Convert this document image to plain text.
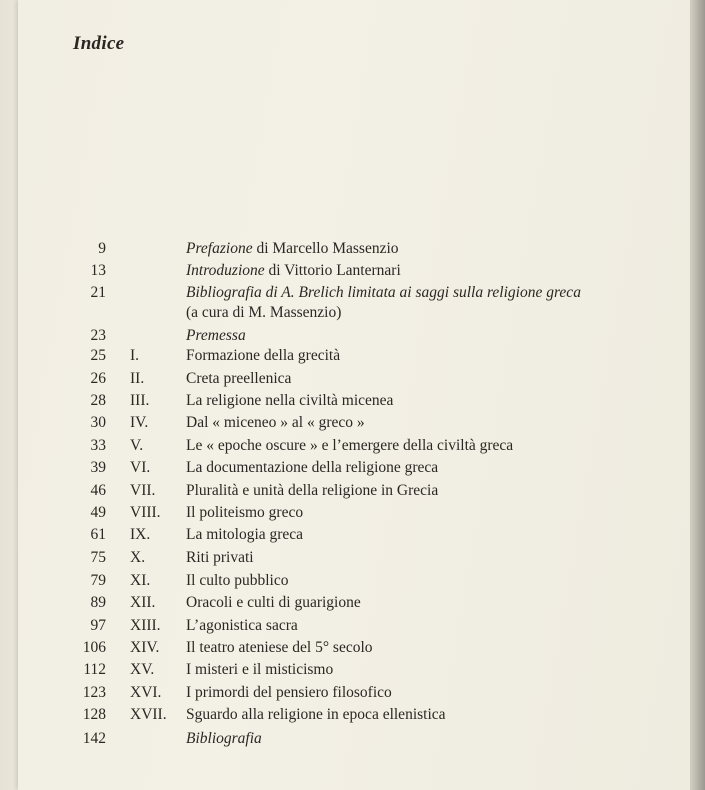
Indice
9	Prefazione di Marcello Massenzio
13	Introduzione di Vittorio Lanternari
21	Bibliografia di A. Brelich limitata ai saggi sulla religione greca
(a cura di M. Massenzio)
23	Premessa
25 I.	Formazione della grecità
26 II.	Creta preellenica
28 III. La religione nella civiltà micenea
30 IV. Dal « miceneo » al « greco »
33 V.	Le « epoche oscure » e l’emergere della civiltà greca
39 VI. La documentazione della religione greca
46 VII. Pluralità e unità della religione in Grecia
49 VIII. Il politeismo greco
61 IX. La mitologia greca
75 X.	Riti privati
79 XI. Il culto pubblico
89 XII. Oracoli e culti di guarigione
97 XIII. L’agonistica sacra
106 XIV. Il teatro ateniese del 5° secolo
112 XV. I misteri e il misticismo
123 XVI. I primordi del pensiero filosofico
128 XVII. Sguardo alla religione in epoca ellenistica
142	Bibliografia
